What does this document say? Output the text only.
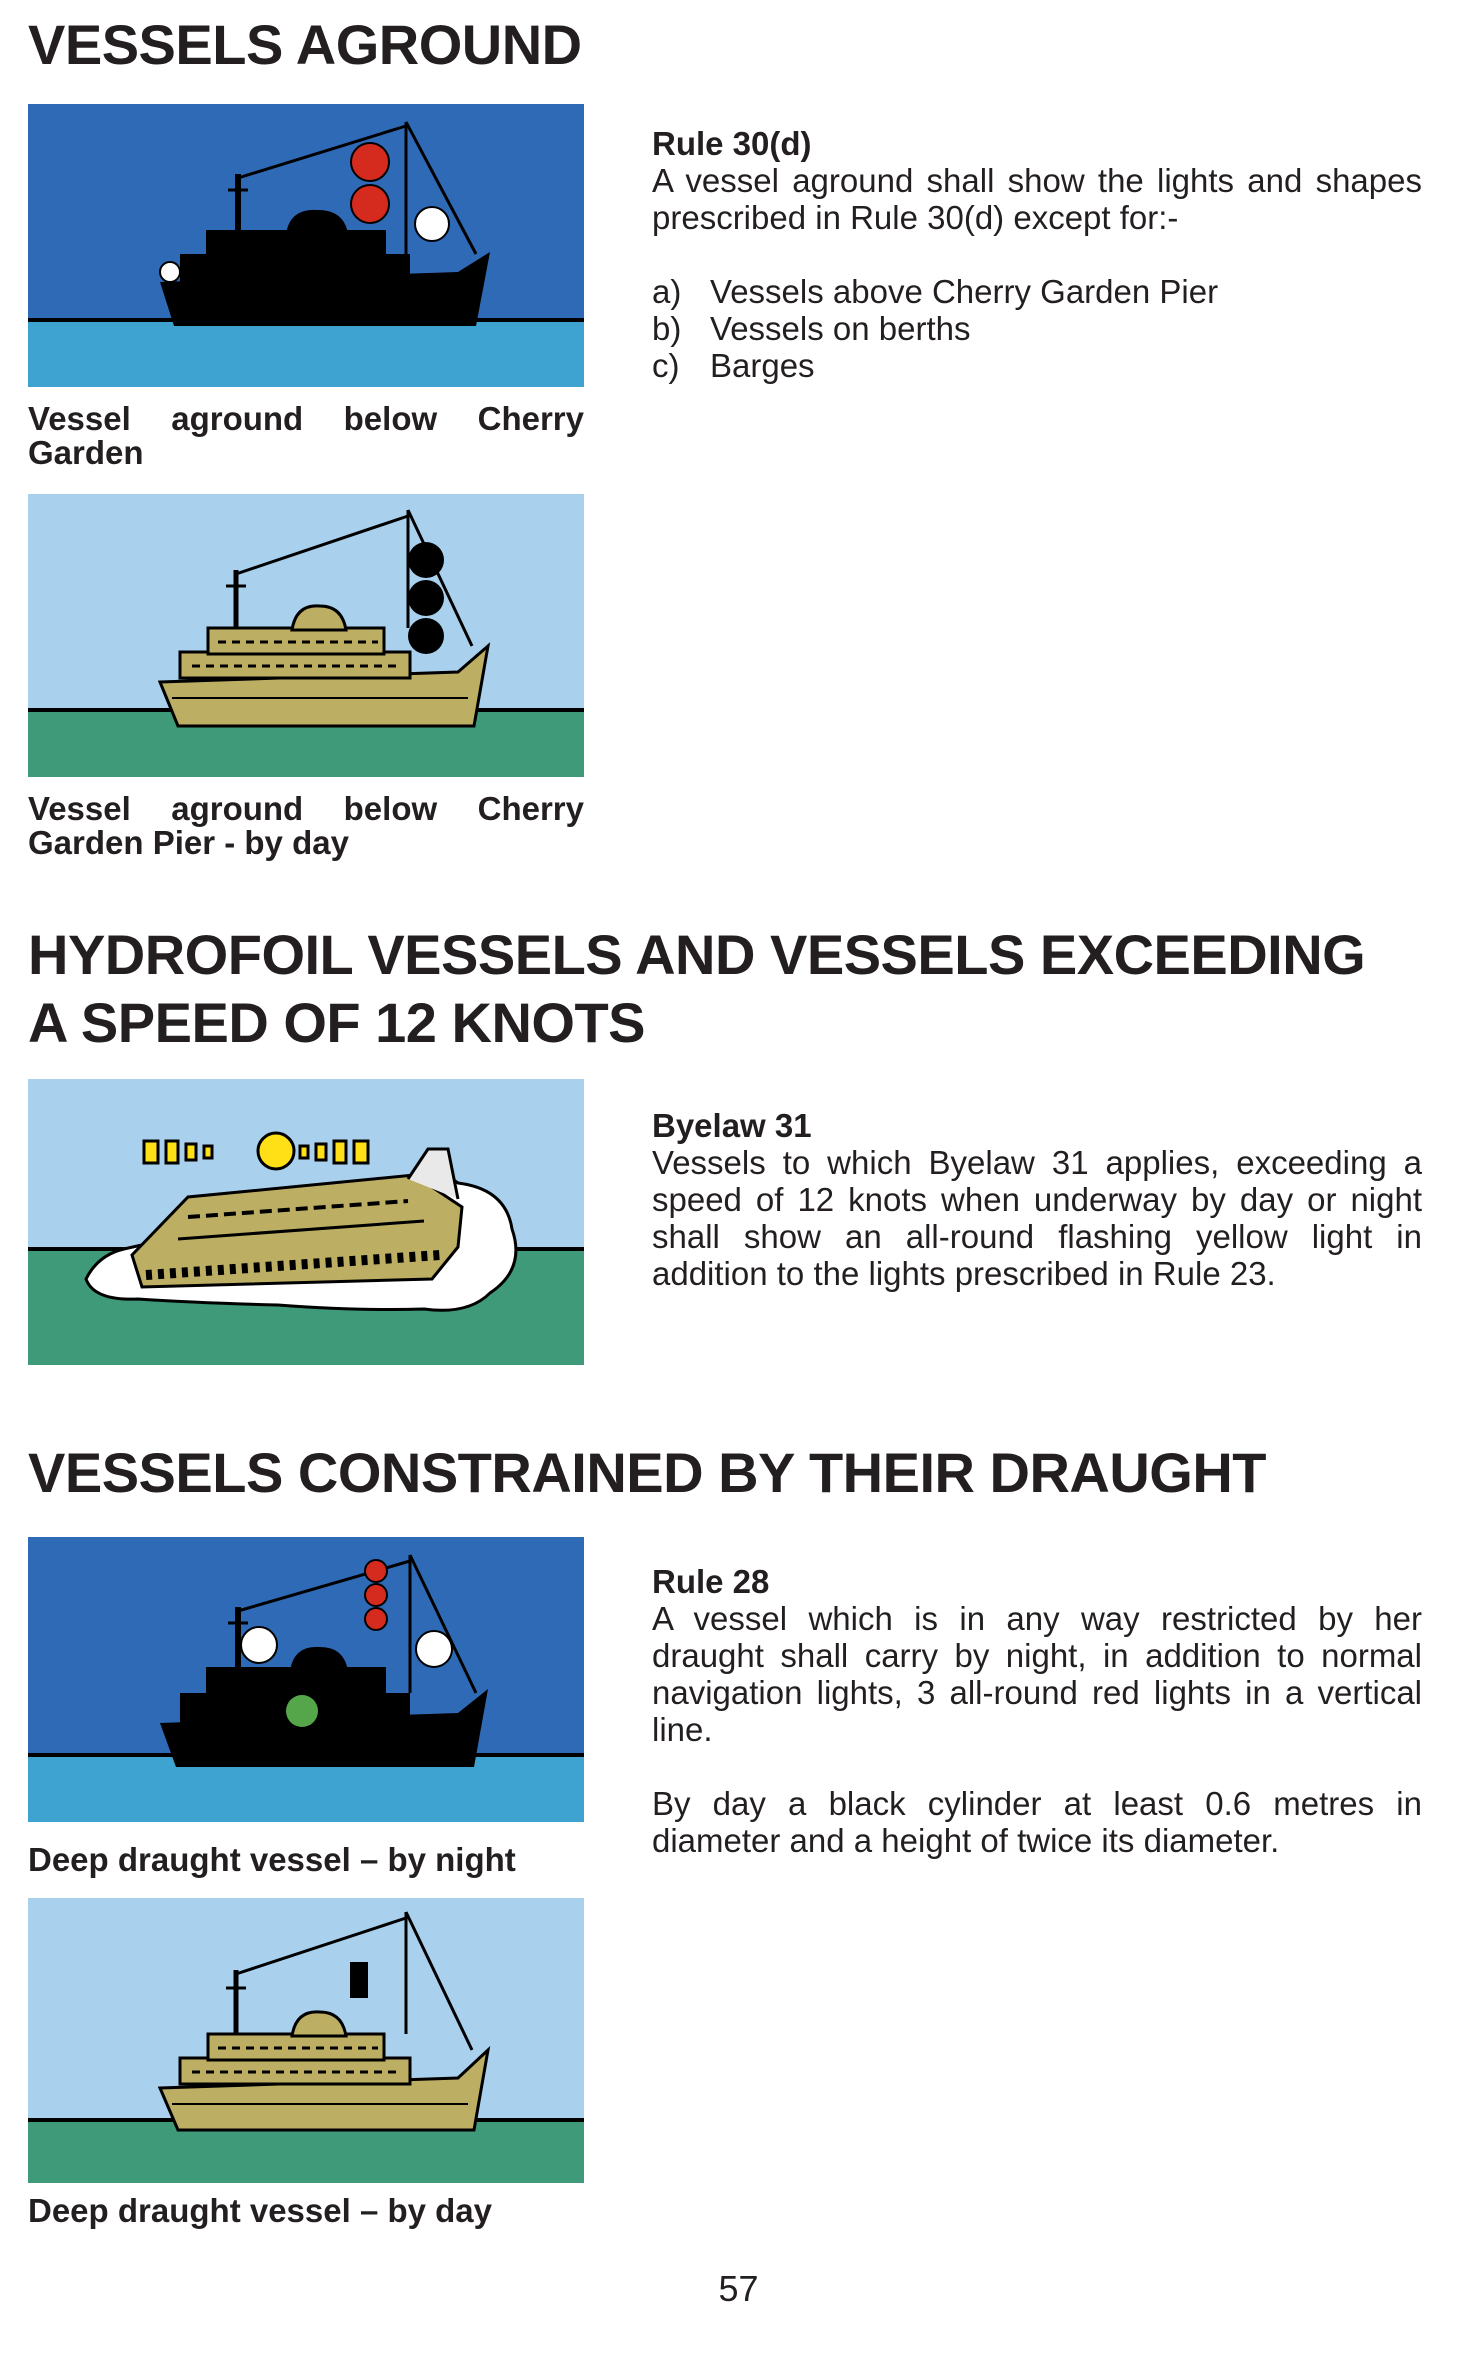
VESSELS AGROUND

Vessel aground below Cherry Garden

Vessel aground below Cherry Garden Pier - by day

Rule 30(d)

A vessel aground shall show the lights and shapes prescribed in Rule 30(d) except for:-

a) Vessels above Cherry Garden Pier
b) Vessels on berths
c) Barges
HYDROFOIL VESSELS AND VESSELS EXCEEDING
A SPEED OF 12 KNOTS

Byelaw 31

Vessels to which Byelaw 31 applies, exceeding a speed of 12 knots when underway by day or night shall show an all-round flashing yellow light in addition to the lights prescribed in Rule 23.

VESSELS CONSTRAINED BY THEIR DRAUGHT

Deep draught vessel – by night

Deep draught vessel – by day

Rule 28

A vessel which is in any way restricted by her draught shall carry by night, in addition to normal navigation lights, 3 all-round red lights in a vertical line.

By day a black cylinder at least 0.6 metres in diameter and a height of twice its diameter.

57
